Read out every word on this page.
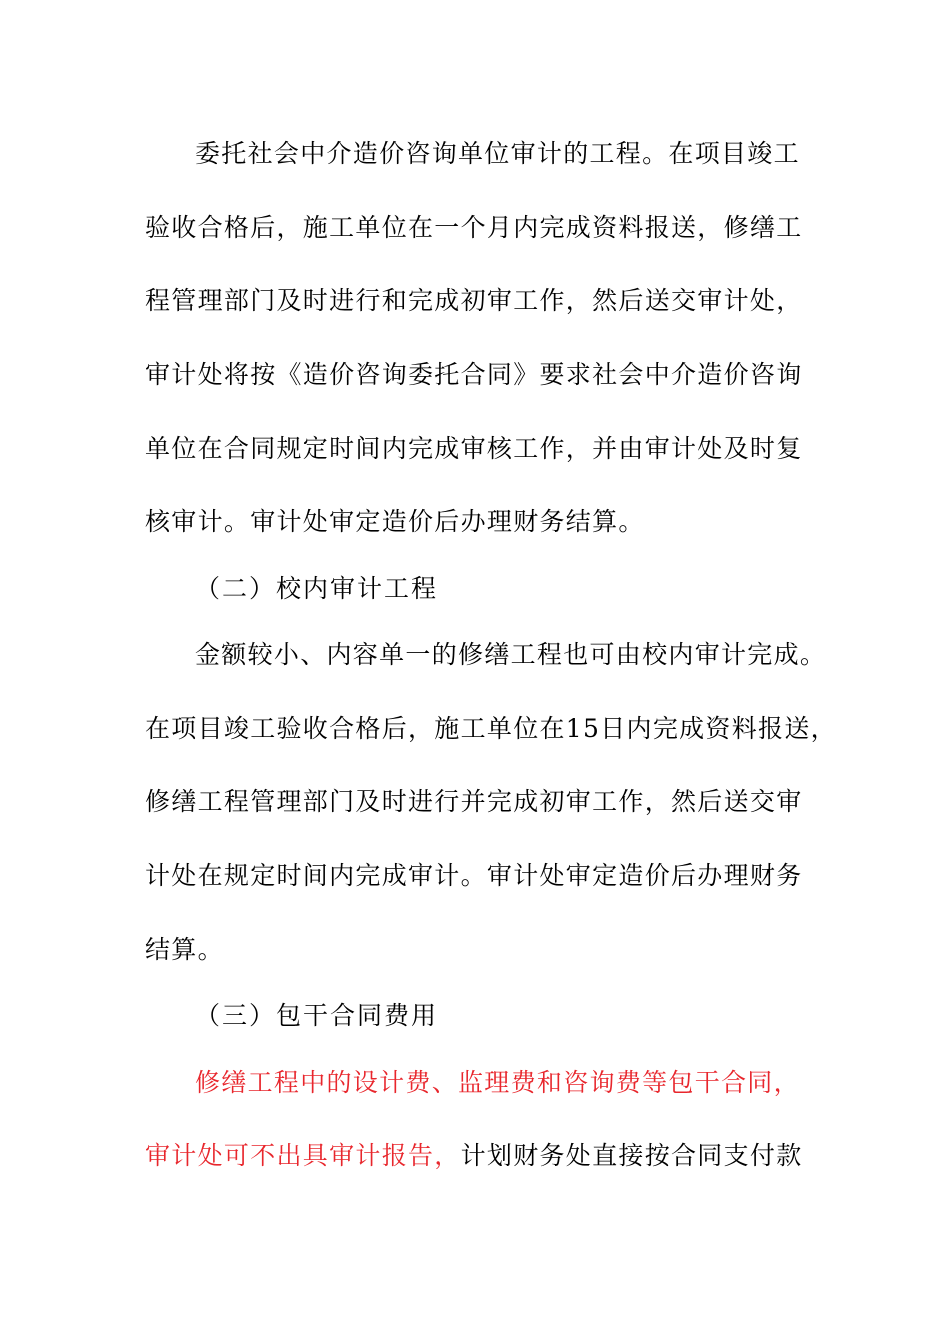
委托社会中介造价咨询单位审计的工程。在项目竣工
验收合格后，施工单位在一个月内完成资料报送，修缮工
程管理部门及时进行和完成初审工作，然后送交审计处，
审计处将按《造价咨询委托合同》要求社会中介造价咨询
单位在合同规定时间内完成审核工作，并由审计处及时复
核审计。审计处审定造价后办理财务结算。
（二）校内审计工程
金额较小、内容单一的修缮工程也可由校内审计完成。
在项目竣工验收合格后，施工单位在15日内完成资料报送，
修缮工程管理部门及时进行并完成初审工作，然后送交审
计处在规定时间内完成审计。审计处审定造价后办理财务
结算。
（三）包干合同费用
修缮工程中的设计费、监理费和咨询费等包干合同，
审计处可不出具审计报告，计划财务处直接按合同支付款
